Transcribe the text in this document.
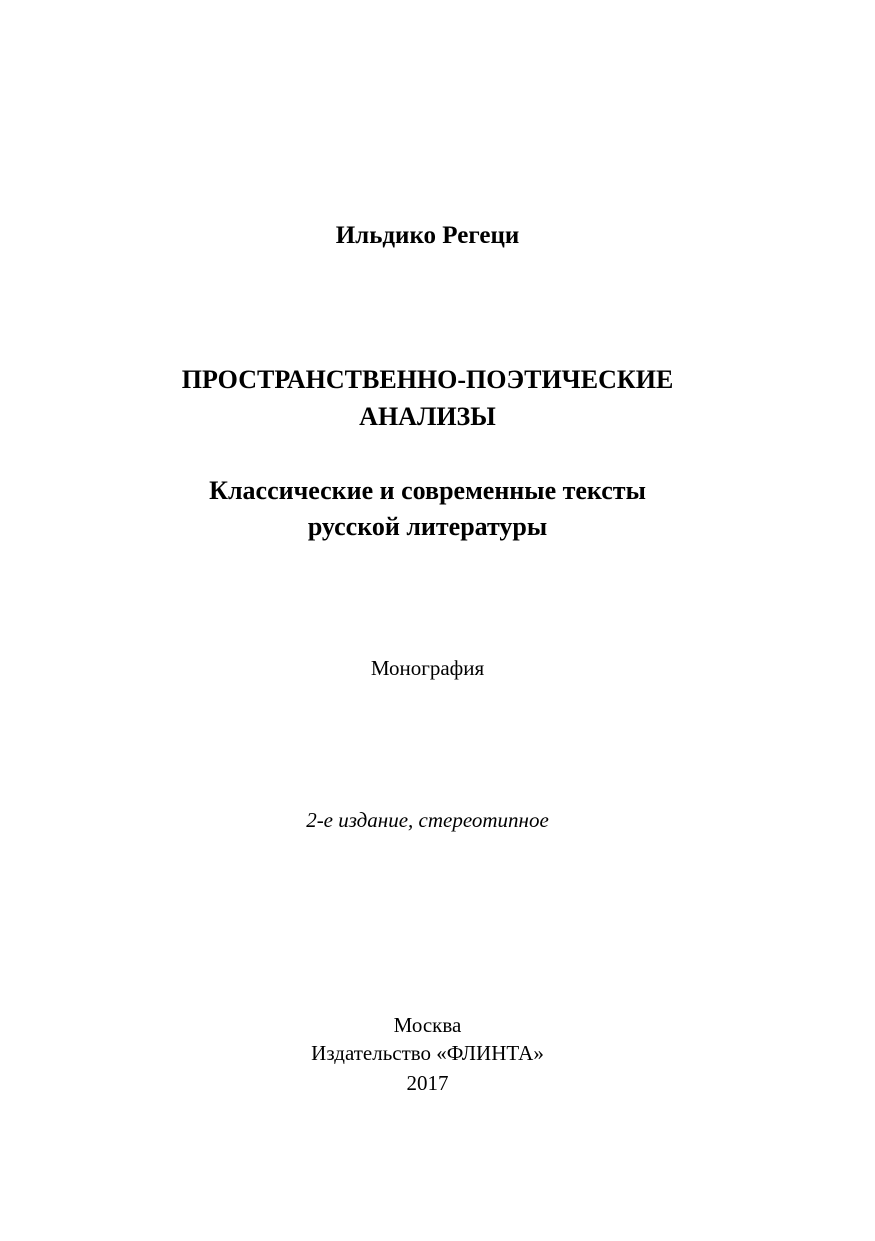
Ильдико Регеци
ПРОСТРАНСТВЕННО-ПОЭТИЧЕСКИЕ
АНАЛИЗЫ
Классические и современные тексты
русской литературы
Монография
2-е издание, стереотипное
Москва
Издательство «ФЛИНТА»
2017
